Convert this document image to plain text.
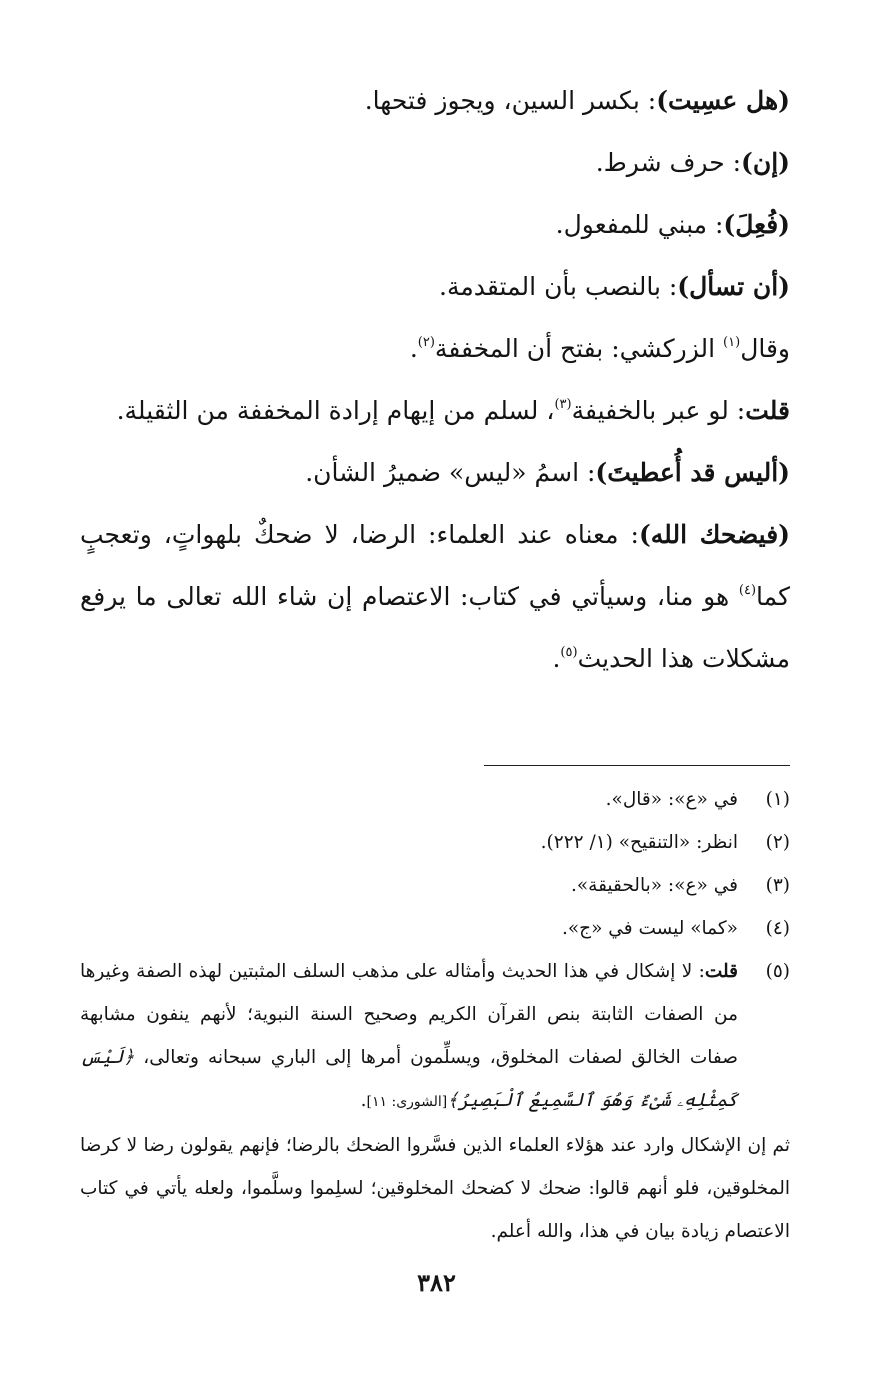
(هل عسِيت): بكسر السين، ويجوز فتحها.

(إن): حرف شرط.

(فُعِلَ): مبني للمفعول.

(أن تسأل): بالنصب بأن المتقدمة.

وقال$^{(١)}$ الزركشي: بفتح أن المخففة$^{(٢)}$.

قلت: لو عبر بالخفيفة$^{(٣)}$، لسلم من إيهام إرادة المخففة من الثقيلة.

(أليس قد أُعطيتَ): اسمُ «ليس» ضميرُ الشأن.

(فيضحك الله): معناه عند العلماء: الرضا، لا ضحكٌ بلهواتٍ، وتعجبٍ كما$^{(٤)}$ هو منا، وسيأتي في كتاب: الاعتصام إن شاء الله تعالى ما يرفع مشكلات هذا الحديث$^{(٥)}$.

(١)
في «ع»: «قال».
(٢)
انظر: «التنقيح» (١/ ٢٢٢).
(٣)
في «ع»: «بالحقيقة».
(٤)
«كما» ليست في «ج».
(٥)
قلت: لا إشكال في هذا الحديث وأمثاله على مذهب السلف المثبتين لهذه الصفة وغيرها من الصفات الثابتة بنص القرآن الكريم وصحيح السنة النبوية؛ لأنهم ينفون مشابهة صفات الخالق لصفات المخلوق، ويسلِّمون أمرها إلى الباري سبحانه وتعالى، ﴿لَيْسَ كَمِثْلِهِۦ شَىْءٌ وَهُوَ ٱلسَّمِيعُ ٱلْبَصِيرُ﴾[الشورى: ١١].

ثم إن الإشكال وارد عند هؤلاء العلماء الذين فسَّروا الضحك بالرضا؛ فإنهم يقولون رضا لا كرضا المخلوقين، فلو أنهم قالوا: ضحك لا كضحك المخلوقين؛ لسلِموا وسلَّموا، ولعله يأتي في كتاب الاعتصام زيادة بيان في هذا، والله أعلم.

٣٨٢
